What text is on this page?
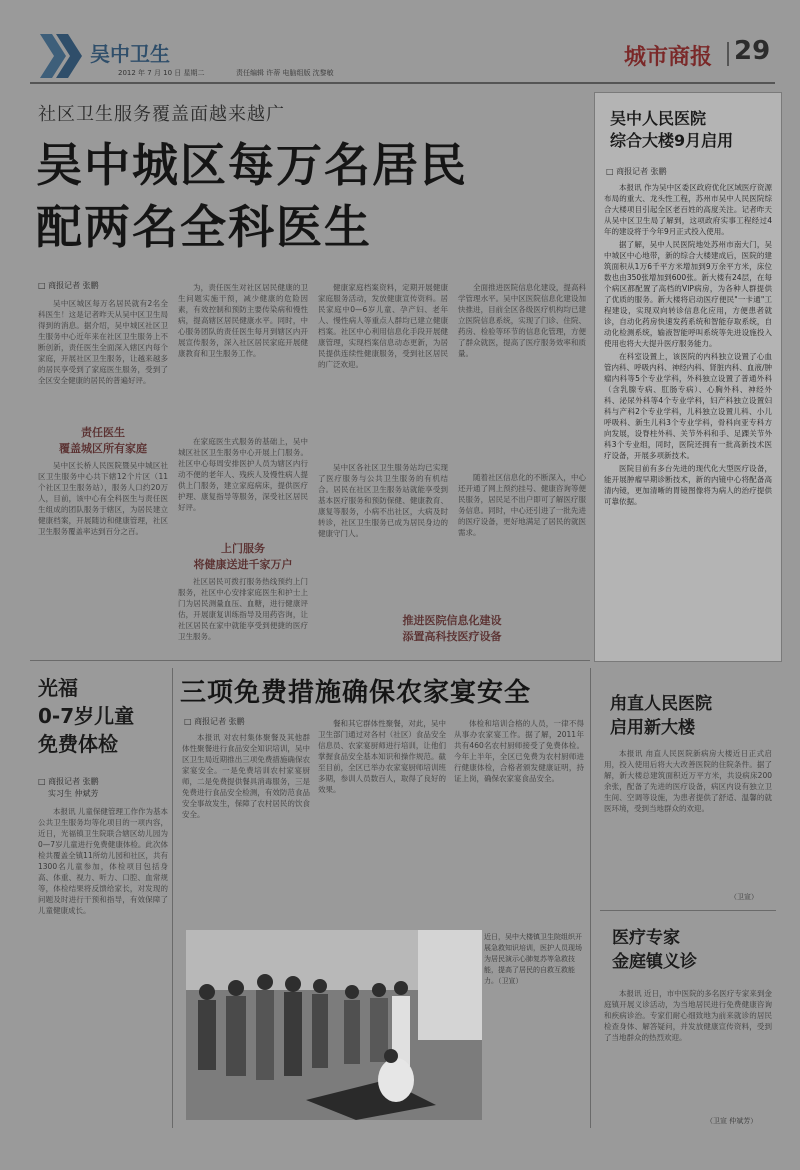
吴中卫生
2012 年 7 月 10 日 星期二	责任编辑 许蒂 电脑组版 沈黎敏
城市商报 29
社区卫生服务覆盖面越来越广
吴中城区每万名居民
配两名全科医生
□ 商报记者 张鹏

吴中区城区每万名居民就有2名全科医生！这是记者昨天从吴中区卫生局得到的消息。据介绍，吴中城区社区卫生服务中心近年来在社区卫生服务上不断创新，责任医生全面深入辖区内每个家庭，开展社区卫生服务，让越来越多的居民享受到了家庭医生服务，受到了全区安全健康的居民的普遍好评。

责任医生
覆盖城区所有家庭

吴中区长桥人民医院暨吴中城区社区卫生服务中心共下辖12个片区（11个社区卫生服务站），服务人口约20万人，目前，该中心有全科医生与责任医生组成的团队服务于辖区，为居民建立健康档案，开展随访和健康管理，社区卫生服务覆盖率达到百分之百。

为，责任医生对社区居民健康的卫生问题实施干预，减少健康的危险因素，有效控制和预防主要传染病和慢性病，提高辖区居民健康水平。同时，中心服务团队的责任医生每月到辖区内开展宣传服务，深入社区居民家庭开展健康教育和卫生服务工作。

在家庭医生式服务的基础上，吴中城区社区卫生服务中心开展上门服务。社区中心每周安排医护人员为辖区内行动不便的老年人、残疾人及慢性病人提供上门服务，建立家庭病床，提供医疗护理、康复指导等服务，深受社区居民好评。

上门服务
将健康送进千家万户

社区居民可拨打服务热线预约上门服务，社区中心安排家庭医生和护士上门为居民测量血压、血糖，进行健康评估，开展康复训练指导及用药咨询，让社区居民在家中就能享受到便捷的医疗卫生服务。

健康家庭档案资料，定期开展健康家庭服务活动，发放健康宣传资料。居民家庭中0—6岁儿童、孕产妇、老年人、慢性病人等重点人群均已建立健康档案。社区中心利用信息化手段开展健康管理，实现档案信息动态更新，为居民提供连续性健康服务，受到社区居民的广泛欢迎。

吴中区各社区卫生服务站均已实现了医疗服务与公共卫生服务的有机结合。居民在社区卫生服务站就能享受到基本医疗服务和预防保健、健康教育、康复等服务，小病不出社区，大病及时转诊，社区卫生服务已成为居民身边的健康守门人。

全面推进医院信息化建设，提高科学管理水平。吴中区医院信息化建设加快推进，目前全区各级医疗机构均已建立医院信息系统，实现了门诊、住院、药房、检验等环节的信息化管理，方便了群众就医，提高了医疗服务效率和质量。

随着社区信息化的不断深入，中心还开通了网上预约挂号、健康咨询等便民服务，居民足不出户即可了解医疗服务信息。同时，中心还引进了一批先进的医疗设备，更好地满足了居民的就医需求。

推进医院信息化建设
添置高科技医疗设备
吴中人民医院
综合大楼9月启用
□ 商报记者 张鹏

本报讯 作为吴中区委区政府优化区域医疗资源布局的重大、龙头性工程，苏州市吴中人民医院综合大楼项目引起全区老百姓的高度关注。记者昨天从吴中区卫生局了解到，这项政府实事工程经过4年的建设将于今年9月正式投入使用。

据了解，吴中人民医院地处苏州市南大门，吴中城区中心地带，新的综合大楼建成后，医院的建筑面积从1万6千平方米增加到9万余平方米，床位数也由350张增加到600张。新大楼有24层，在每个病区都配置了高档的VIP病房，为各种人群提供了优质的服务。新大楼将启动医疗便民"一卡通"工程建设，实现双向转诊信息化应用，方便患者就诊，自动化药房快速发药系统和智能存取系统，自动化检测系统，输液智能呼叫系统等先进设施投入使用也将大大提升医疗服务能力。

在科室设置上，该医院的内科独立设置了心血管内科、呼吸内科、神经内科、肾脏内科、血液/肿瘤内科等5个专业学科，外科独立设置了普通外科（含乳腺专病、肛肠专病）、心胸外科、神经外科、泌尿外科等4个专业学科，妇产科独立设置妇科与产科2个专业学科，儿科独立设置儿科、小儿呼吸科、新生儿科3个专业学科，骨科向亚专科方向发展，设脊柱外科、关节外科和手、足踝关节外科3个专业组，同时，医院还拥有一批高新技术医疗设备，开展多项新技术。

医院目前有多台先进的现代化大型医疗设备，能开展肿瘤早期诊断技术，新的内镜中心将配备高清内镜，更加清晰的胃镜图像将为病人的治疗提供可靠依据。

光福
0-7岁儿童
免费体检
□ 商报记者 张鹏
实习生 仲斌芳

本报讯 儿童保健管理工作作为基本公共卫生服务均等化项目的一项内容，近日，光福镇卫生院联合辖区幼儿园为0—7岁儿童进行免费健康体检。此次体检共覆盖全镇11所幼儿园和社区，共有1300名儿童参加，体检项目包括身高、体重、视力、听力、口腔、血常规等，体检结果将反馈给家长，对发现的问题及时进行干预和指导，有效保障了儿童健康成长。

三项免费措施确保农家宴安全
□ 商报记者 张鹏

本报讯 对农村集体聚餐及其他群体性聚餐进行食品安全知识培训，吴中区卫生局近期推出三项免费措施确保农家宴安全。一是免费培训农村家宴厨师，二是免费提供餐具消毒服务，三是免费进行食品安全检测，有效防范食品安全事故发生，保障了农村居民的饮食安全。

餐和其它群体性聚餐，对此，吴中卫生部门通过对各村（社区）食品安全信息员、农家宴厨师进行培训，让他们掌握食品安全基本知识和操作规范。截至目前，全区已举办农家宴厨师培训班多期，参训人员数百人，取得了良好的效果。

体检和培训合格的人员，一律不得从事办农家宴工作。据了解，2011年共有460名农村厨师接受了免费体检。今年上半年，全区已免费为农村厨师进行健康体检，合格者颁发健康证明，持证上岗，确保农家宴食品安全。

近日，吴中大楼镇卫生院组织开展急救知识培训，医护人员现场为居民演示心肺复苏等急救技能，提高了居民的自救互救能力。（卫宣）
甪直人民医院
启用新大楼

本报讯 甪直人民医院新病房大楼近日正式启用，投入使用后将大大改善医院的住院条件。据了解，新大楼总建筑面积近万平方米，共设病床200余张，配备了先进的医疗设备，病区内设有独立卫生间、空调等设施，为患者提供了舒适、温馨的就医环境，受到当地群众的欢迎。

（卫宣）
医疗专家
金庭镇义诊

本报讯 近日，市中医院的多名医疗专家来到金庭镇开展义诊活动，为当地居民进行免费健康咨询和疾病诊治。专家们耐心细致地为前来就诊的居民检查身体、解答疑问，并发放健康宣传资料，受到了当地群众的热烈欢迎。

（卫宣 仲斌芳）
